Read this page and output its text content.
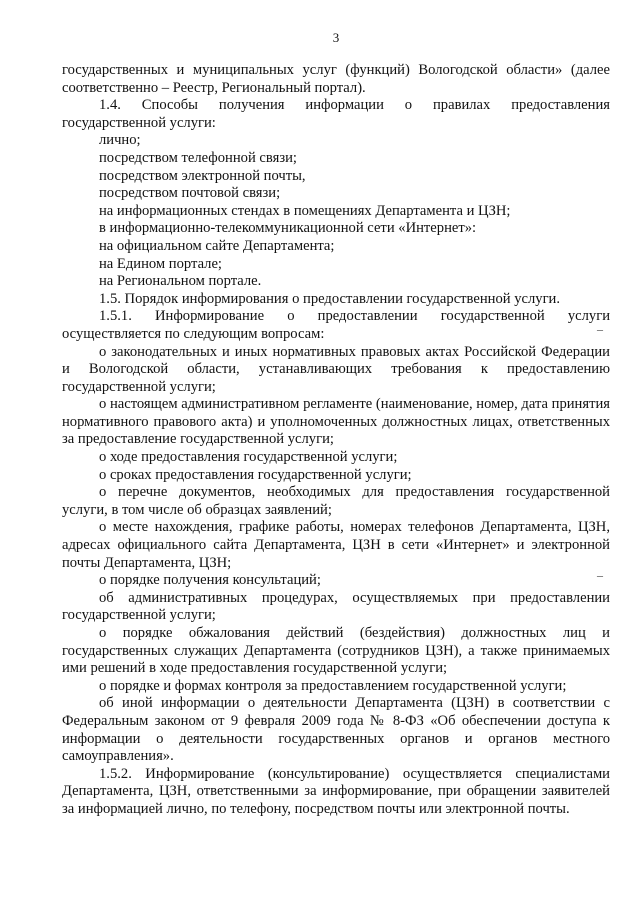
3

государственных и муниципальных услуг (функций) Вологодской области» (далее соответственно – Реестр, Региональный портал).

1.4. Способы получения информации о правилах предоставления государственной услуги:

лично;

посредством телефонной связи;

посредством электронной почты,

посредством почтовой связи;

на информационных стендах в помещениях Департамента и ЦЗН;

в информационно-телекоммуникационной сети «Интернет»:

на официальном сайте Департамента;

на Едином портале;

на Региональном портале.

1.5. Порядок информирования о предоставлении государственной услуги.

1.5.1. Информирование о предоставлении государственной услуги осуществляется по следующим вопросам:

о законодательных и иных нормативных правовых актах Российской Федерации и Вологодской области, устанавливающих требования к предоставлению государственной услуги;

о настоящем административном регламенте (наименование, номер, дата принятия нормативного правового акта) и уполномоченных должностных лицах, ответственных за предоставление государственной услуги;

о ходе предоставления государственной услуги;

о сроках предоставления государственной услуги;

о перечне документов, необходимых для предоставления государственной услуги, в том числе об образцах заявлений;

о месте нахождения, графике работы, номерах телефонов Департамента, ЦЗН, адресах официального сайта Департамента, ЦЗН в сети «Интернет» и электронной почты Департамента, ЦЗН;

о порядке получения консультаций;

об административных процедурах, осуществляемых при предоставлении государственной услуги;

о порядке обжалования действий (бездействия) должностных лиц и государственных служащих Департамента (сотрудников ЦЗН), а также принимаемых ими решений в ходе предоставления государственной услуги;

о порядке и формах контроля за предоставлением государственной услуги;

об иной информации о деятельности Департамента (ЦЗН) в соответствии с Федеральным законом от 9 февраля 2009 года № 8-ФЗ «Об обеспечении доступа к информации о деятельности государственных органов и органов местного самоуправления».

1.5.2. Информирование (консультирование) осуществляется специалистами Департамента, ЦЗН, ответственными за информирование, при обращении заявителей за информацией лично, по телефону, посредством почты или электронной почты.

–
–
